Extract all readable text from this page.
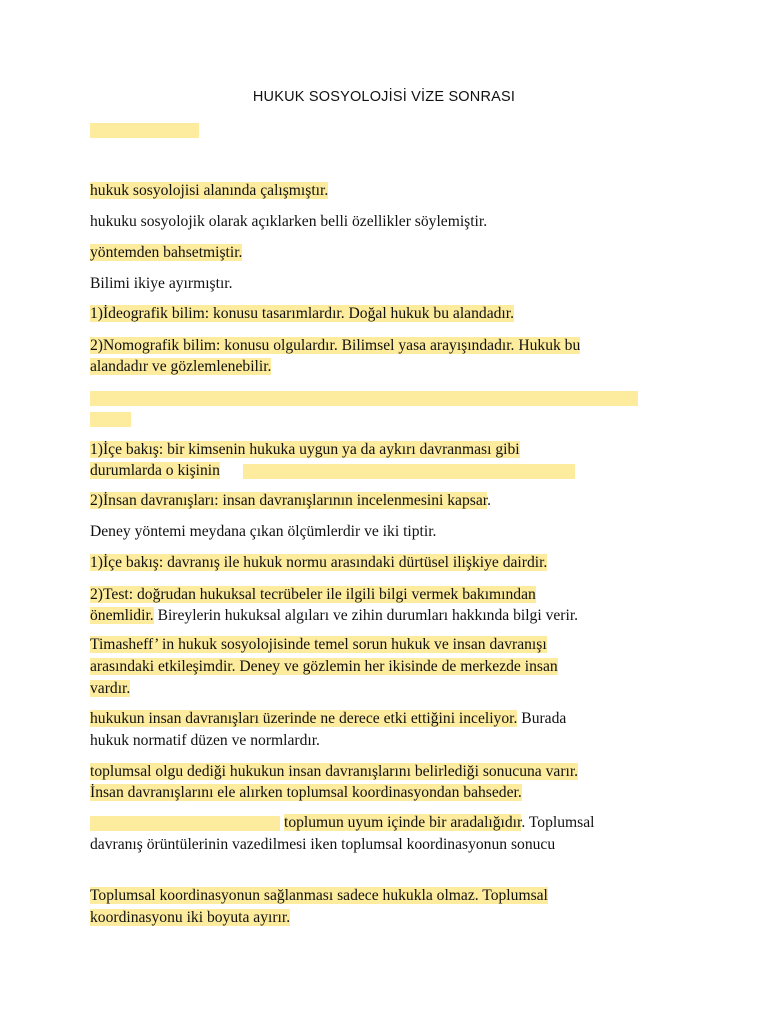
HUKUK SOSYOLOJİSİ VİZE SONRASI
hukuk sosyolojisi alanında çalışmıştır.
hukuku sosyolojik olarak açıklarken belli özellikler söylemiştir.
yöntemden bahsetmiştir.
Bilimi ikiye ayırmıştır.
1)İdeografik bilim: konusu tasarımlardır. Doğal hukuk bu alandadır.
2)Nomografik bilim: konusu olgulardır. Bilimsel yasa arayışındadır. Hukuk bu
alandadır ve gözlemlenebilir.
1)İçe bakış: bir kimsenin hukuka uygun ya da aykırı davranması gibi
durumlarda o kişinin
2)İnsan davranışları: insan davranışlarının incelenmesini kapsar.
Deney yöntemi meydana çıkan ölçümlerdir ve iki tiptir.
1)İçe bakış: davranış ile hukuk normu arasındaki dürtüsel ilişkiye dairdir.
2)Test: doğrudan hukuksal tecrübeler ile ilgili bilgi vermek bakımından
önemlidir. Bireylerin hukuksal algıları ve zihin durumları hakkında bilgi verir.
Timasheff’ in hukuk sosyolojisinde temel sorun hukuk ve insan davranışı
arasındaki etkileşimdir. Deney ve gözlemin her ikisinde de merkezde insan
vardır.
hukukun insan davranışları üzerinde ne derece etki ettiğini inceliyor. Burada
hukuk normatif düzen ve normlardır.
toplumsal olgu dediği hukukun insan davranışlarını belirlediği sonucuna varır.
İnsan davranışlarını ele alırken toplumsal koordinasyondan bahseder.
toplumun uyum içinde bir aradalığıdır. Toplumsal
davranış örüntülerinin vazedilmesi iken toplumsal koordinasyonun sonucu
Toplumsal koordinasyonun sağlanması sadece hukukla olmaz. Toplumsal
koordinasyonu iki boyuta ayırır.
